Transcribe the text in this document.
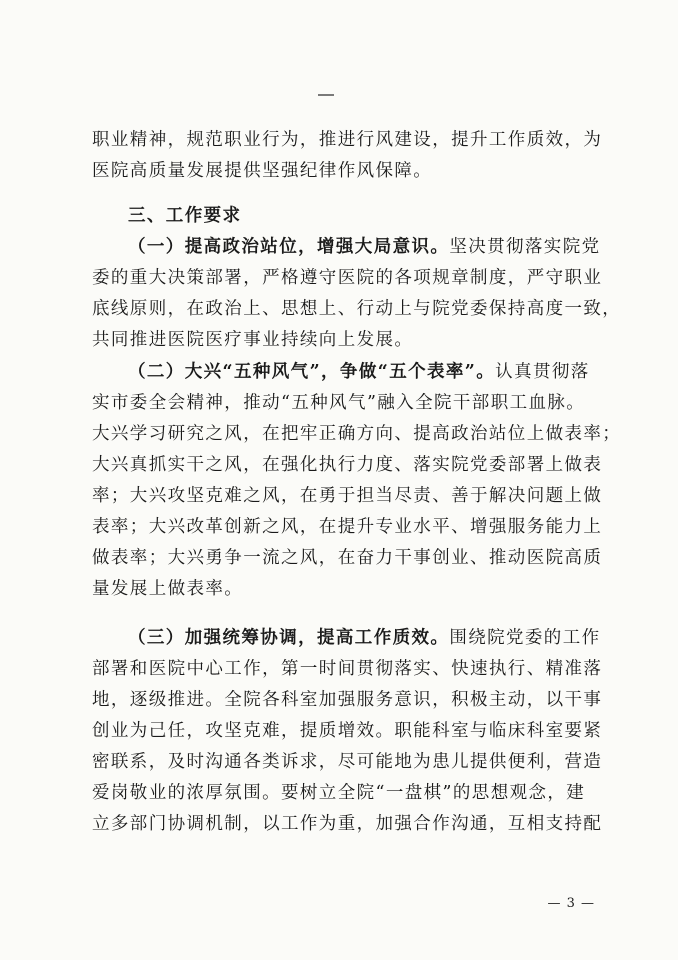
职业精神，规范职业行为，推进行风建设，提升工作质效，为
医院高质量发展提供坚强纪律作风保障。
三、工作要求
（一）提高政治站位，增强大局意识。坚决贯彻落实院党
委的重大决策部署，严格遵守医院的各项规章制度，严守职业
底线原则，在政治上、思想上、行动上与院党委保持高度一致，
共同推进医院医疗事业持续向上发展。
（二）大兴“五种风气”，争做“五个表率”。认真贯彻落
实市委全会精神，推动“五种风气”融入全院干部职工血脉。
大兴学习研究之风，在把牢正确方向、提高政治站位上做表率；
大兴真抓实干之风，在强化执行力度、落实院党委部署上做表
率；大兴攻坚克难之风，在勇于担当尽责、善于解决问题上做
表率；大兴改革创新之风，在提升专业水平、增强服务能力上
做表率；大兴勇争一流之风，在奋力干事创业、推动医院高质
量发展上做表率。
（三）加强统筹协调，提高工作质效。围绕院党委的工作
部署和医院中心工作，第一时间贯彻落实、快速执行、精准落
地，逐级推进。全院各科室加强服务意识，积极主动，以干事
创业为己任，攻坚克难，提质增效。职能科室与临床科室要紧
密联系，及时沟通各类诉求，尽可能地为患儿提供便利，营造
爱岗敬业的浓厚氛围。要树立全院“一盘棋”的思想观念，建
立多部门协调机制，以工作为重，加强合作沟通，互相支持配
— 3 —
